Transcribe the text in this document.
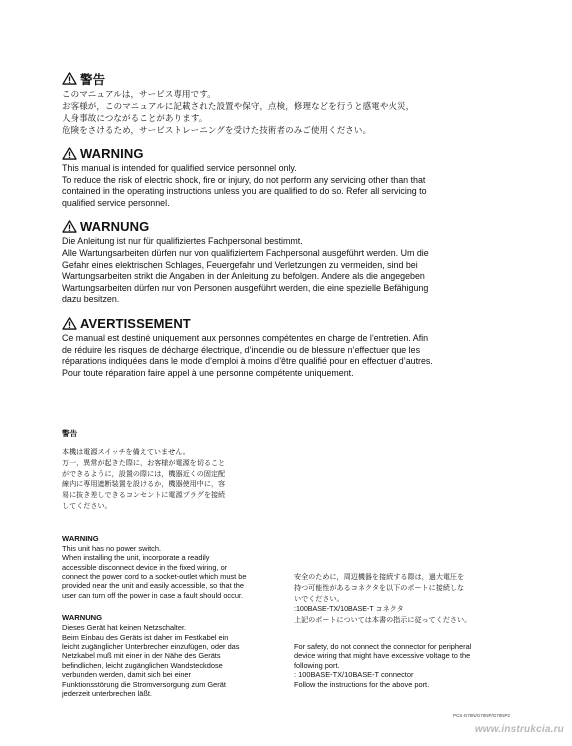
警告
このマニュアルは，サービス専用です。
お客様が，このマニュアルに記載された設置や保守，点検，修理などを行うと感電や火災，
人身事故につながることがあります。
危険をさけるため，サービストレーニングを受けた技術者のみご使用ください。
WARNING
This manual is intended for qualified service personnel only.
To reduce the risk of electric shock, fire or injury, do not perform any servicing other than that
contained in the operating instructions unless you are qualified to do so. Refer all servicing to
qualified service personnel.
WARNUNG
Die Anleitung ist nur für qualifiziertes Fachpersonal bestimmt.
Alle Wartungsarbeiten dürfen nur von qualifiziertem Fachpersonal ausgeführt werden. Um die
Gefahr eines elektrischen Schlages, Feuergefahr und Verletzungen zu vermeiden, sind bei
Wartungsarbeiten strikt die Angaben in der Anleitung zu befolgen. Andere als die angegeben
Wartungsarbeiten dürfen nur von Personen ausgeführt werden, die eine spezielle Befähigung
dazu besitzen.
AVERTISSEMENT
Ce manual est destiné uniquement aux personnes compétentes en charge de l’entretien. Afin
de réduire les risques de décharge électrique, d’incendie ou de blessure n’effectuer que les
réparations indiquées dans le mode d’emploi à moins d’être qualifié pour en effectuer d’autres.
Pour toute réparation faire appel à une personne compétente uniquement.
警告
本機は電源スイッチを備えていません。
万一，異常が起きた際に，お客様が電源を切ること
ができるように，設置の際には，機器近くの固定配
線内に専用遮断装置を設けるか，機器使用中に，容
易に抜き差しできるコンセントに電源プラグを接続
してください。
WARNING
This unit has no power switch.
When installing the unit, incorporate a readily
accessible disconnect device in the fixed wiring, or
connect the power cord to a socket-outlet which must be
provided near the unit and easily accessible, so that the
user can turn off the power in case a fault should occur.
WARNUNG
Dieses Gerät hat keinen Netzschalter.
Beim Einbau des Geräts ist daher im Festkabel ein
leicht zugänglicher Unterbrecher einzufügen, oder das
Netzkabel muß mit einer in der Nähe des Geräts
befindlichen, leicht zugänglichen Wandsteckdose
verbunden werden, damit sich bei einer
Funktionsstörung die Stromversorgung zum Gerät
jederzeit unterbrechen läßt.
安全のために，周辺機器を接続する際は，過大電圧を
持つ可能性があるコネクタを以下のポートに接続しな
いでください。
:100BASE-TX/10BASE-T コネクタ
上記のポートについては本書の指示に従ってください。
For safety, do not connect the connector for peripheral
device wiring that might have excessive voltage to the
following port.
: 100BASE-TX/10BASE-T connector
Follow the instructions for the above port.
PCS-G70N/G70NP/G70NP2
www.instrukcia.ru
